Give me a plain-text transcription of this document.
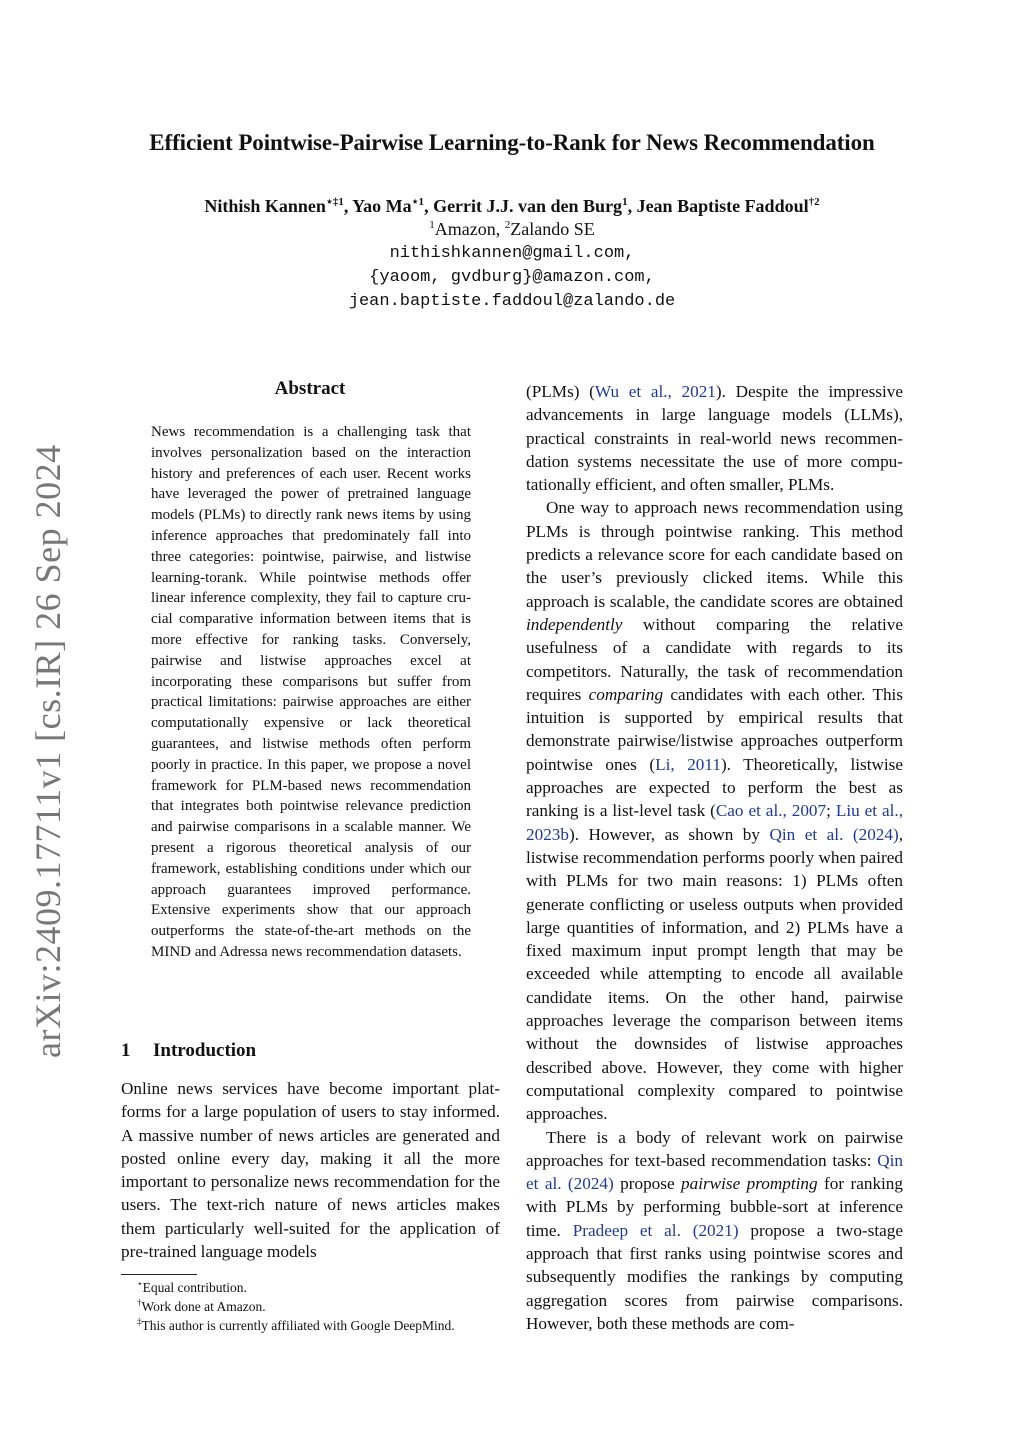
Efficient Pointwise-Pairwise Learning-to-Rank for News Recommendation
Nithish Kannen$^{⋆\ddagger 1}$, Yao $Ma^{⋆1}$, Gerrit J.J. van den Burg$^1$, Jean Baptiste Faddoul$^{\dagger 2}$
$^1$Amazon, $^2$Zalando SE
nithishkannen@gmail.com,
{yaoom, gvdburg}@amazon.com,
jean.baptiste.faddoul@zalando.de
arXiv:2409.17711v1 [cs.IR] 26 Sep 2024
Abstract
News recommendation is a challenging task that involves personalization based on the interaction history and preferences of each user. Recent works have leveraged the power of pretrained language models (PLMs) to directly rank news items by using inference approaches that predominately fall into three categories: pointwise, pairwise, and listwise learning-torank. While pointwise methods offer linear inference complexity, they fail to capture crucial comparative information between items that is more effective for ranking tasks. Conversely, pairwise and listwise approaches excel at incorporating these comparisons but suffer from practical limitations: pairwise approaches are either computationally expensive or lack theoretical guarantees, and listwise methods often perform poorly in practice. In this paper, we propose a novel framework for PLM-based news recommendation that integrates both pointwise relevance prediction and pairwise comparisons in a scalable manner. We present a rigorous theoretical analysis of our framework, establishing conditions under which our approach guarantees improved performance. Extensive experiments show that our approach outperforms the state-of-the-art methods on the MIND and Adressa news recommendation datasets.
1 Introduction
Online news services have become important platforms for a large population of users to stay informed. A massive number of news articles are generated and posted online every day, making it all the more important to personalize news recommendation for the users. The text-rich nature of news articles makes them particularly well-suited for the application of pre-trained language models

(PLMs) (Wu et al., 2021). Despite the impressive advancements in large language models (LLMs), practical constraints in real-world news recommendation systems necessitate the use of more computationally efficient, and often smaller, PLMs.

One way to approach news recommendation using PLMs is through pointwise ranking. This method predicts a relevance score for each candidate based on the user’s previously clicked items. While this approach is scalable, the candidate scores are obtained independently without comparing the relative usefulness of a candidate with regards to its competitors. Naturally, the task of recommendation requires comparing candidates with each other. This intuition is supported by empirical results that demonstrate pairwise/listwise approaches outperform pointwise ones (Li, 2011). Theoretically, listwise approaches are expected to perform the best as ranking is a list-level task (Cao et al., 2007; Liu et al., 2023b). However, as shown by Qin et al. (2024), listwise recommendation performs poorly when paired with PLMs for two main reasons: 1) PLMs often generate conflicting or useless outputs when provided large quantities of information, and 2) PLMs have a fixed maximum input prompt length that may be exceeded while attempting to encode all available candidate items. On the other hand, pairwise approaches leverage the comparison between items without the downsides of listwise approaches described above. However, they come with higher computational complexity compared to pointwise approaches.

There is a body of relevant work on pairwise approaches for text-based recommendation tasks: Qin et al. (2024) propose pairwise prompting for ranking with PLMs by performing bubble-sort at inference time. Pradeep et al. (2021) propose a two-stage approach that first ranks using pointwise scores and subsequently modifies the rankings by computing aggregation scores from pairwise comparisons. However, both these methods are com-

⋆Equal contribution.
†Work done at Amazon.
‡This author is currently affiliated with Google DeepMind.
